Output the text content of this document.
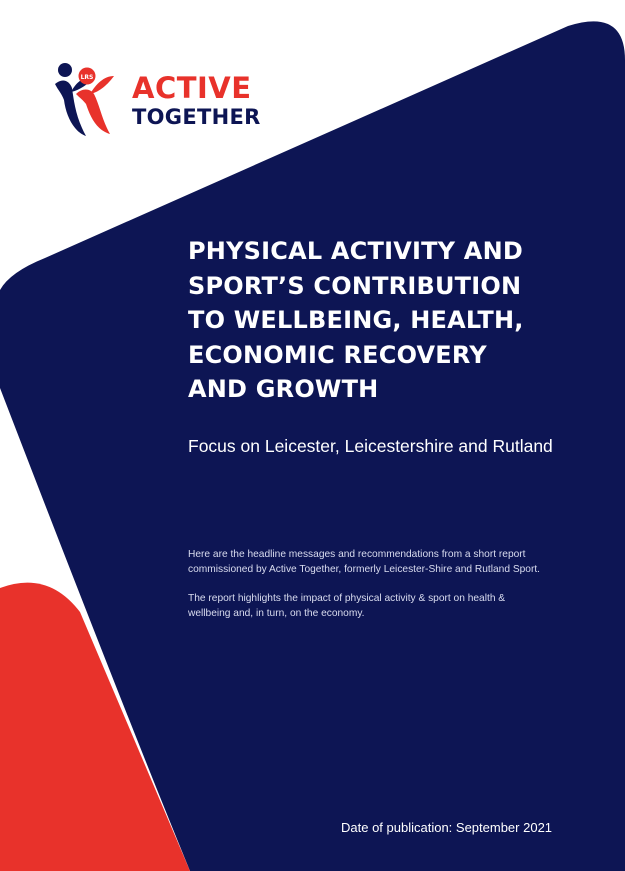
LRS ACTIVE
TOGETHER
PHYSICAL ACTIVITY AND
SPORT’S CONTRIBUTION
TO WELLBEING, HEALTH,
ECONOMIC RECOVERY
AND GROWTH
Focus on Leicester, Leicestershire and Rutland

Here are the headline messages and recommendations from a short report
commissioned by Active Together, formerly Leicester-Shire and Rutland Sport.

The report highlights the impact of physical activity & sport on health &
wellbeing and, in turn, on the economy.

Date of publication: September 2021
